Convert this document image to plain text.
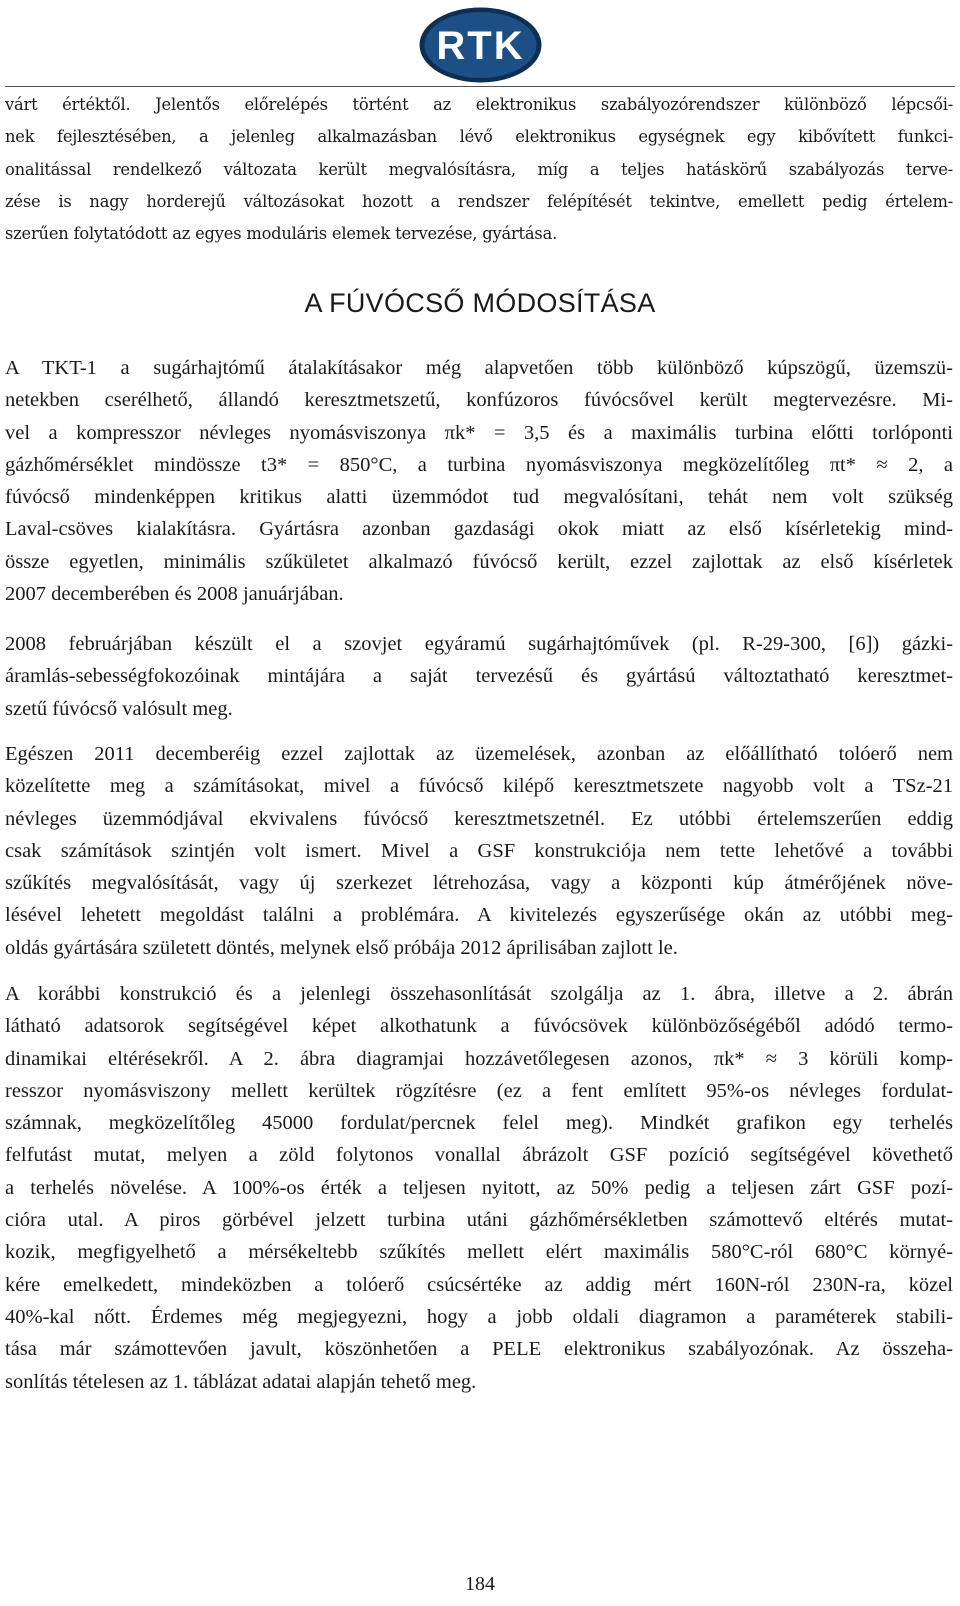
RTK
várt értéktől. Jelentős előrelépés történt az elektronikus szabályozórendszer különböző lépcsői-
nek fejlesztésében, a jelenleg alkalmazásban lévő elektronikus egységnek egy kibővített funkci-
onalitással rendelkező változata került megvalósításra, míg a teljes hatáskörű szabályozás terve-
zése is nagy horderejű változásokat hozott a rendszer felépítését tekintve, emellett pedig értelem-
szerűen folytatódott az egyes moduláris elemek tervezése, gyártása.
A FÚVÓCSŐ MÓDOSÍTÁSA
A TKT-1 a sugárhajtómű átalakításakor még alapvetően több különböző kúpszögű, üzemszü-
netekben cserélhető, állandó keresztmetszetű, konfúzoros fúvócsővel került megtervezésre. Mi-
vel a kompresszor névleges nyomásviszonya πk* = 3,5 és a maximális turbina előtti torlóponti
gázhőmérséklet mindössze t3* = 850°C, a turbina nyomásviszonya megközelítőleg πt* ≈ 2, a
fúvócső mindenképpen kritikus alatti üzemmódot tud megvalósítani, tehát nem volt szükség
Laval-csöves kialakításra. Gyártásra azonban gazdasági okok miatt az első kísérletekig mind-
össze egyetlen, minimális szűkületet alkalmazó fúvócső került, ezzel zajlottak az első kísérletek
2007 decemberében és 2008 januárjában.
2008 februárjában készült el a szovjet egyáramú sugárhajtóművek (pl. R-29-300, [6]) gázki-
áramlás-sebességfokozóinak mintájára a saját tervezésű és gyártású változtatható keresztmet-
szetű fúvócső valósult meg.
Egészen 2011 decemberéig ezzel zajlottak az üzemelések, azonban az előállítható tolóerő nem
közelítette meg a számításokat, mivel a fúvócső kilépő keresztmetszete nagyobb volt a TSz-21
névleges üzemmódjával ekvivalens fúvócső keresztmetszetnél. Ez utóbbi értelemszerűen eddig
csak számítások szintjén volt ismert. Mivel a GSF konstrukciója nem tette lehetővé a további
szűkítés megvalósítását, vagy új szerkezet létrehozása, vagy a központi kúp átmérőjének növe-
lésével lehetett megoldást találni a problémára. A kivitelezés egyszerűsége okán az utóbbi meg-
oldás gyártására született döntés, melynek első próbája 2012 áprilisában zajlott le.
A korábbi konstrukció és a jelenlegi összehasonlítását szolgálja az 1. ábra, illetve a 2. ábrán
látható adatsorok segítségével képet alkothatunk a fúvócsövek különbözőségéből adódó termo-
dinamikai eltérésekről. A 2. ábra diagramjai hozzávetőlegesen azonos, πk* ≈ 3 körüli komp-
resszor nyomásviszony mellett kerültek rögzítésre (ez a fent említett 95%-os névleges fordulat-
számnak, megközelítőleg 45000 fordulat/percnek felel meg). Mindkét grafikon egy terhelés
felfutást mutat, melyen a zöld folytonos vonallal ábrázolt GSF pozíció segítségével követhető
a terhelés növelése. A 100%-os érték a teljesen nyitott, az 50% pedig a teljesen zárt GSF pozí-
cióra utal. A piros görbével jelzett turbina utáni gázhőmérsékletben számottevő eltérés mutat-
kozik, megfigyelhető a mérsékeltebb szűkítés mellett elért maximális 580°C-ról 680°C környé-
kére emelkedett, mindeközben a tolóerő csúcsértéke az addig mért 160N-ról 230N-ra, közel
40%-kal nőtt. Érdemes még megjegyezni, hogy a jobb oldali diagramon a paraméterek stabili-
tása már számottevően javult, köszönhetően a PELE elektronikus szabályozónak. Az összeha-
sonlítás tételesen az 1. táblázat adatai alapján tehető meg.
184
